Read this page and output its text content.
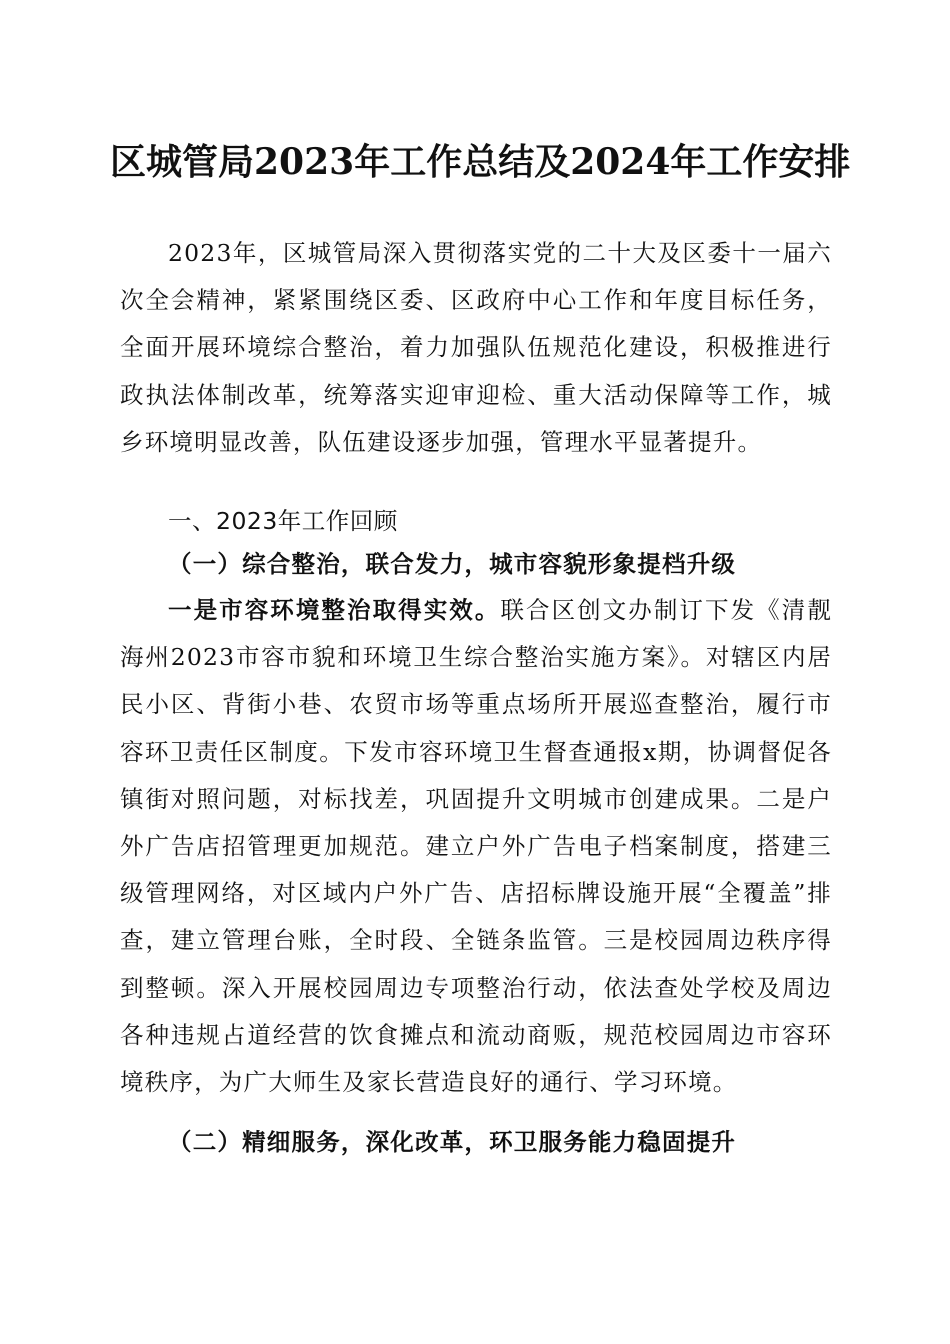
区城管局2023年工作总结及2024年工作安排

2023年，区城管局深入贯彻落实党的二十大及区委十一届六次全会精神，紧紧围绕区委、区政府中心工作和年度目标任务，全面开展环境综合整治，着力加强队伍规范化建设，积极推进行政执法体制改革，统筹落实迎审迎检、重大活动保障等工作，城乡环境明显改善，队伍建设逐步加强，管理水平显著提升。

一、2023年工作回顾
（一）综合整治，联合发力，城市容貌形象提档升级

一是市容环境整治取得实效。联合区创文办制订下发《清靓海州2023市容市貌和环境卫生综合整治实施方案》。对辖区内居民小区、背街小巷、农贸市场等重点场所开展巡查整治，履行市容环卫责任区制度。下发市容环境卫生督查通报x期，协调督促各镇街对照问题，对标找差，巩固提升文明城市创建成果。二是户外广告店招管理更加规范。建立户外广告电子档案制度，搭建三级管理网络，对区域内户外广告、店招标牌设施开展“全覆盖”排查，建立管理台账，全时段、全链条监管。三是校园周边秩序得到整顿。深入开展校园周边专项整治行动，依法查处学校及周边各种违规占道经营的饮食摊点和流动商贩，规范校园周边市容环境秩序，为广大师生及家长营造良好的通行、学习环境。

（二）精细服务，深化改革，环卫服务能力稳固提升
